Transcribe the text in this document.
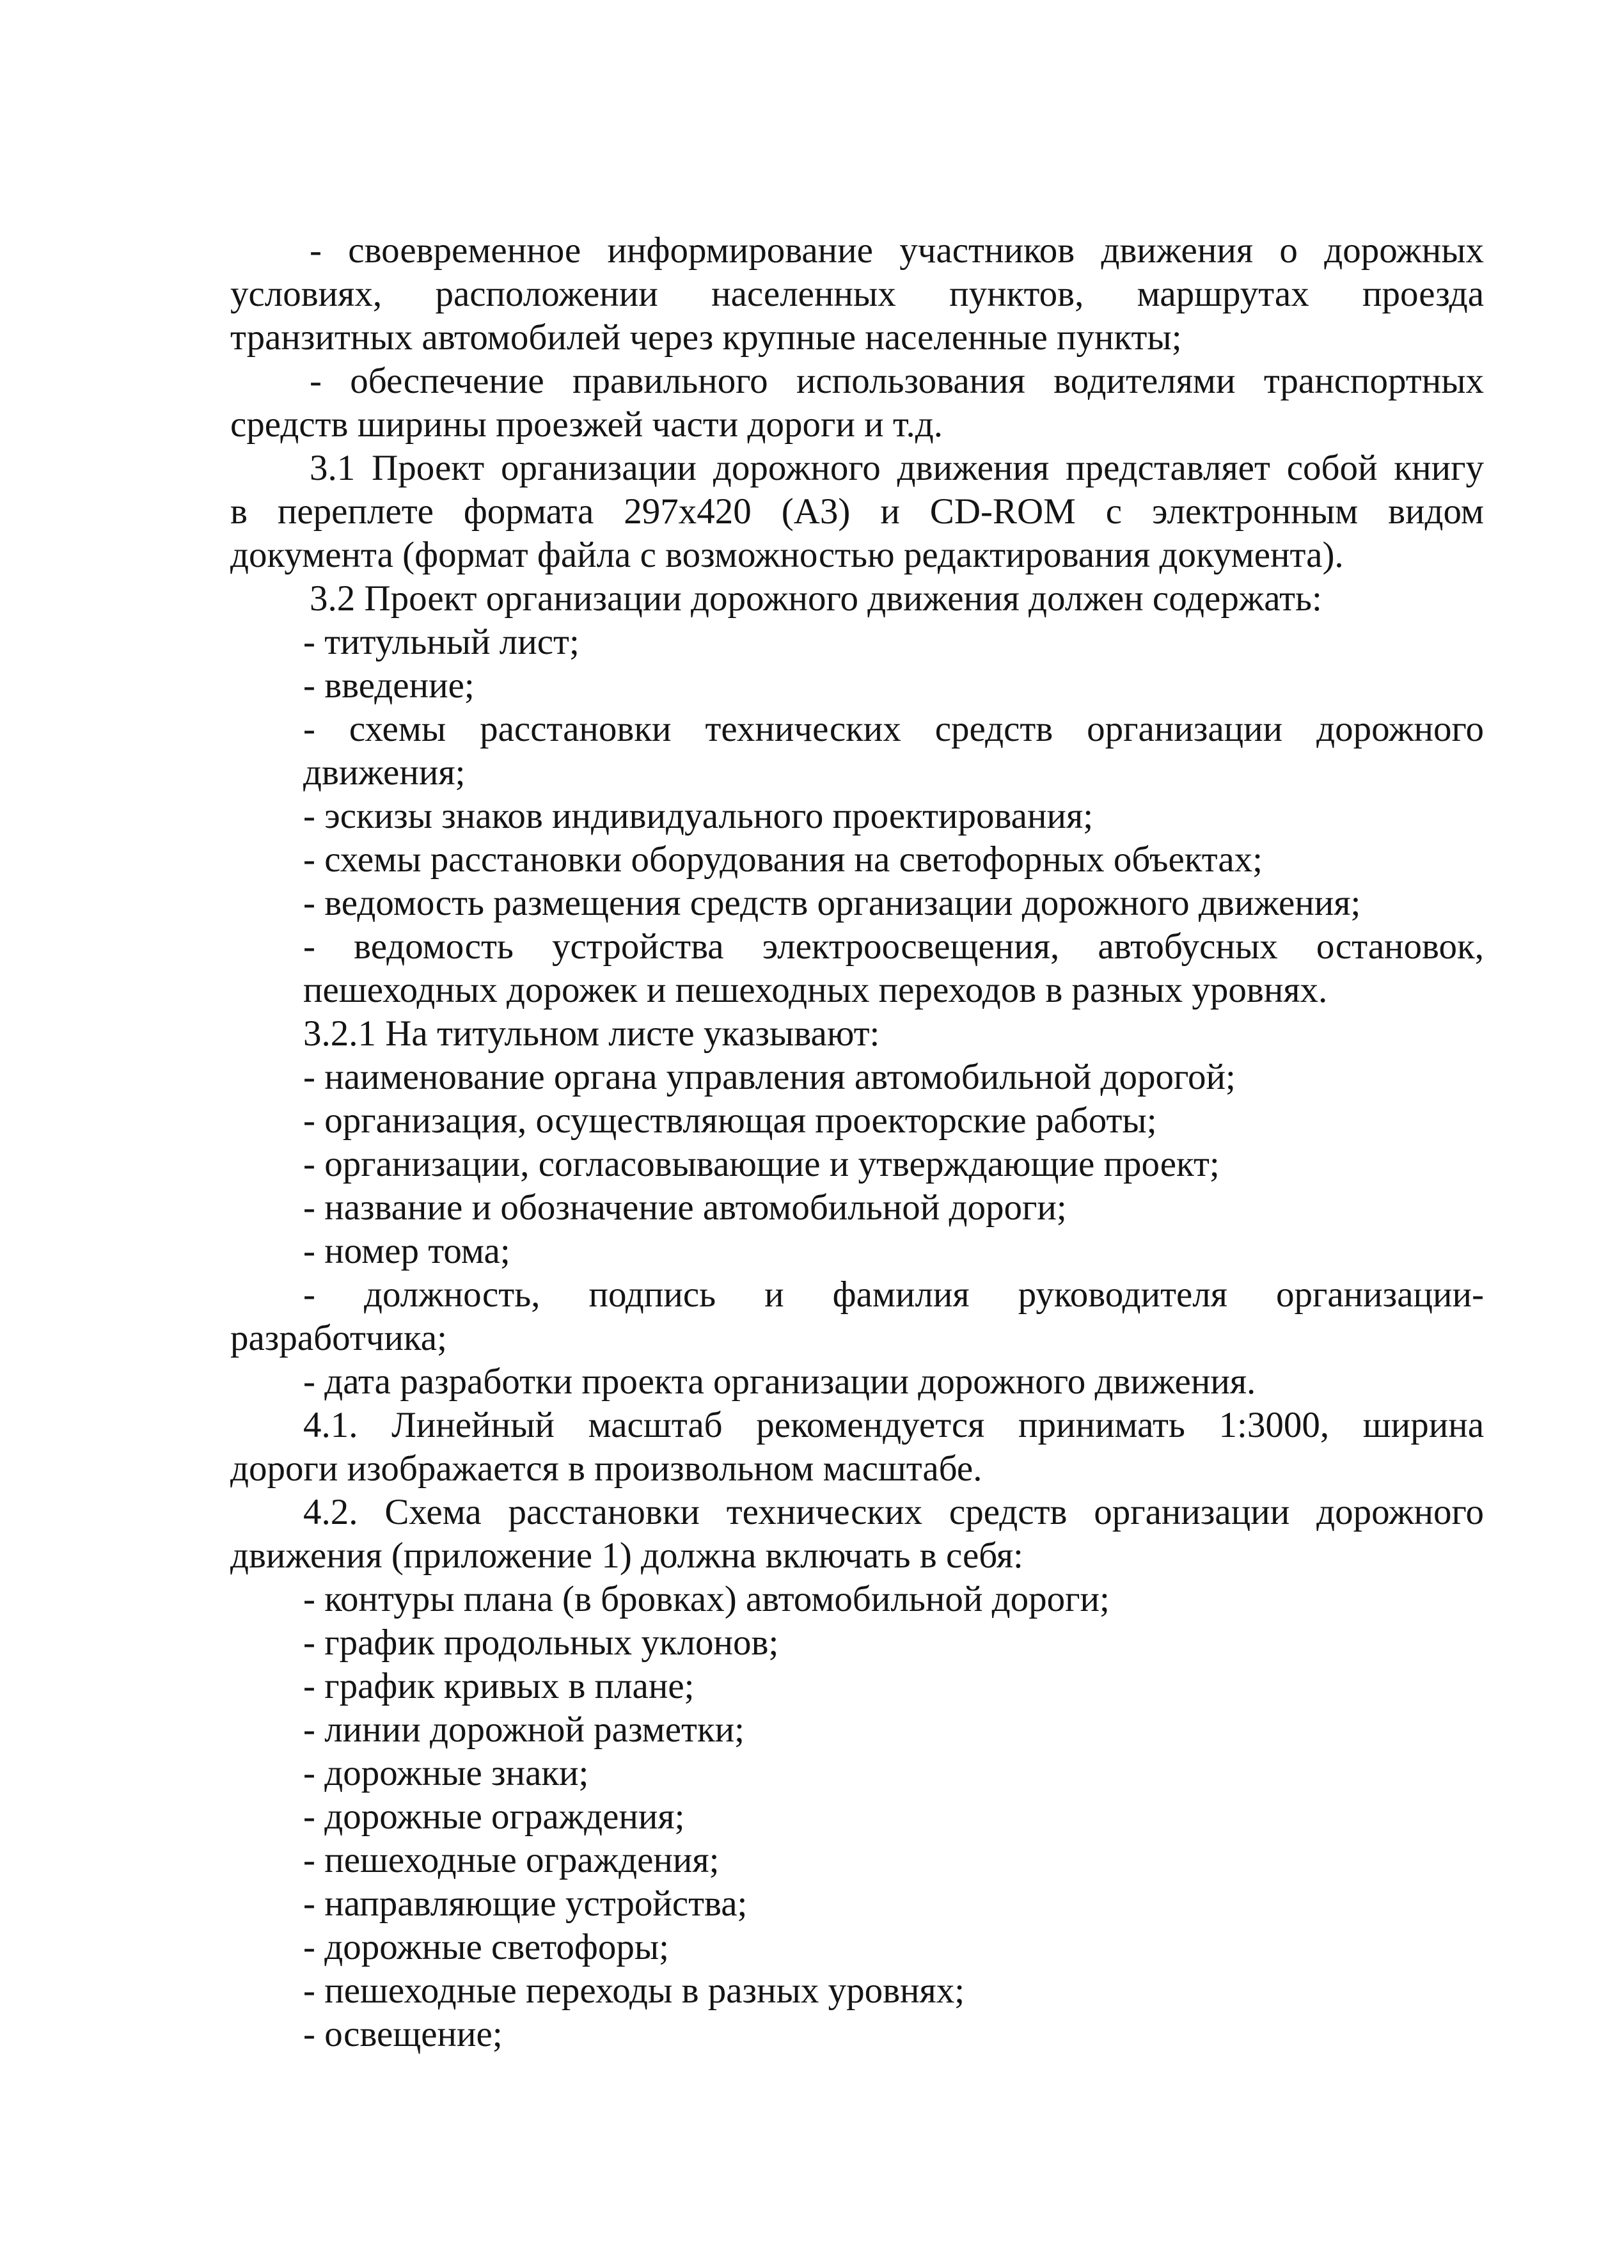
- своевременное информирование участников движения о дорожных
условиях, расположении населенных пунктов, маршрутах проезда
транзитных автомобилей через крупные населенные пункты;
- обеспечение правильного использования водителями транспортных
средств ширины проезжей части дороги и т.д.
3.1 Проект организации дорожного движения представляет собой книгу
в переплете формата 297x420 (А3) и CD-ROM с электронным видом
документа (формат файла с возможностью редактирования документа).
3.2 Проект организации дорожного движения должен содержать:
- титульный лист;
- введение;
- схемы расстановки технических средств организации дорожного
движения;
- эскизы знаков индивидуального проектирования;
- схемы расстановки оборудования на светофорных объектах;
- ведомость размещения средств организации дорожного движения;
- ведомость устройства электроосвещения, автобусных остановок,
пешеходных дорожек и пешеходных переходов в разных уровнях.
3.2.1 На титульном листе указывают:
- наименование органа управления автомобильной дорогой;
- организация, осуществляющая проекторские работы;
- организации, согласовывающие и утверждающие проект;
- название и обозначение автомобильной дороги;
- номер тома;
- должность, подпись и фамилия руководителя организации-
разработчика;
- дата разработки проекта организации дорожного движения.
4.1. Линейный масштаб рекомендуется принимать 1:3000, ширина
дороги изображается в произвольном масштабе.
4.2. Схема расстановки технических средств организации дорожного
движения (приложение 1) должна включать в себя:
- контуры плана (в бровках) автомобильной дороги;
- график продольных уклонов;
- график кривых в плане;
- линии дорожной разметки;
- дорожные знаки;
- дорожные ограждения;
- пешеходные ограждения;
- направляющие устройства;
- дорожные светофоры;
- пешеходные переходы в разных уровнях;
- освещение;
